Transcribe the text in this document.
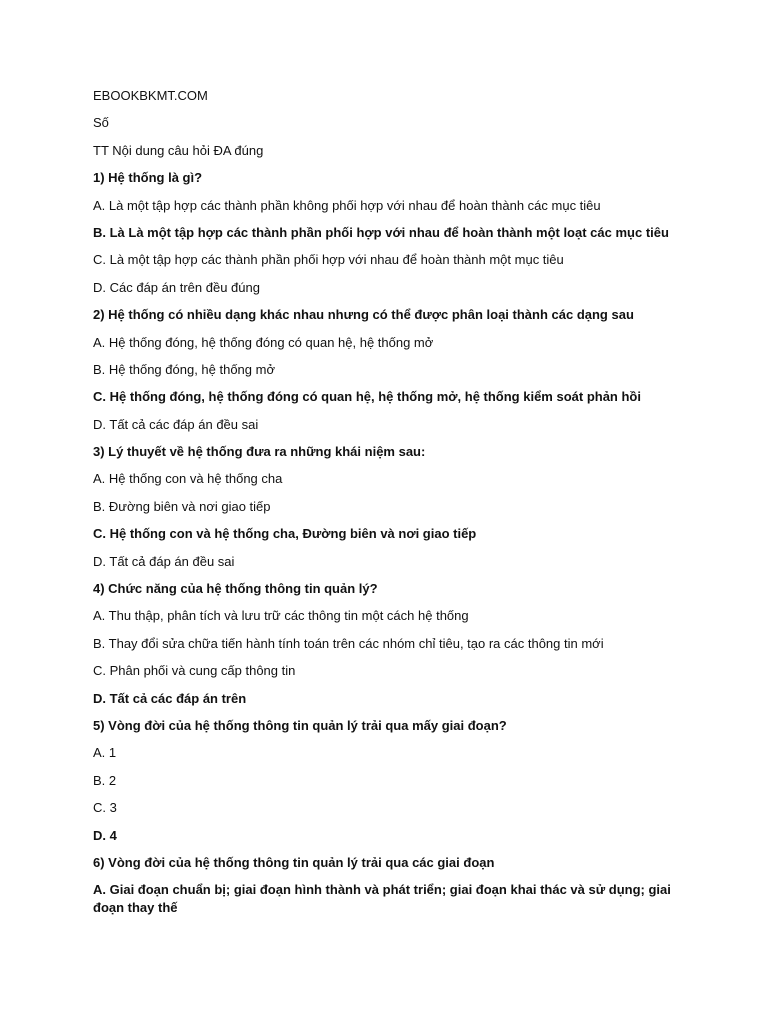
EBOOKBKMT.COM
Số
TT Nội dung câu hỏi ĐA đúng
1) Hệ thống là gì?
A. Là một tập hợp các thành phần không phối hợp với nhau để hoàn thành các mục tiêu
B. Là Là một tập hợp các thành phần phối hợp với nhau để hoàn thành một loạt các mục tiêu
C. Là một tập hợp các thành phần phối hợp với nhau để hoàn thành một mục tiêu
D. Các đáp án trên đều đúng
2) Hệ thống có nhiều dạng khác nhau nhưng có thể được phân loại thành các dạng sau
A. Hệ thống đóng, hệ thống đóng có quan hệ, hệ thống mở
B. Hệ thống đóng, hệ thống mở
C. Hệ thống đóng, hệ thống đóng có quan hệ, hệ thống mở, hệ thống kiểm soát phản hồi
D. Tất cả các đáp án đều sai
3) Lý thuyết về hệ thống đưa ra những khái niệm sau:
A. Hệ thống con và hệ thống cha
B. Đường biên và nơi giao tiếp
C. Hệ thống con và hệ thống cha, Đường biên và nơi giao tiếp
D. Tất cả đáp án đều sai
4) Chức năng của hệ thống thông tin quản lý?
A. Thu thập, phân tích và lưu trữ các thông tin một cách hệ thống
B. Thay đổi sửa chữa tiến hành tính toán trên các nhóm chỉ tiêu, tạo ra các thông tin mới
C. Phân phối và cung cấp thông tin
D. Tất cả các đáp án trên
5) Vòng đời của hệ thống thông tin quản lý trải qua mấy giai đoạn?
A. 1
B. 2
C. 3
D. 4
6) Vòng đời của hệ thống thông tin quản lý trải qua các giai đoạn
A. Giai đoạn chuẩn bị; giai đoạn hình thành và phát triển; giai đoạn khai thác và sử dụng; giai đoạn thay thế
